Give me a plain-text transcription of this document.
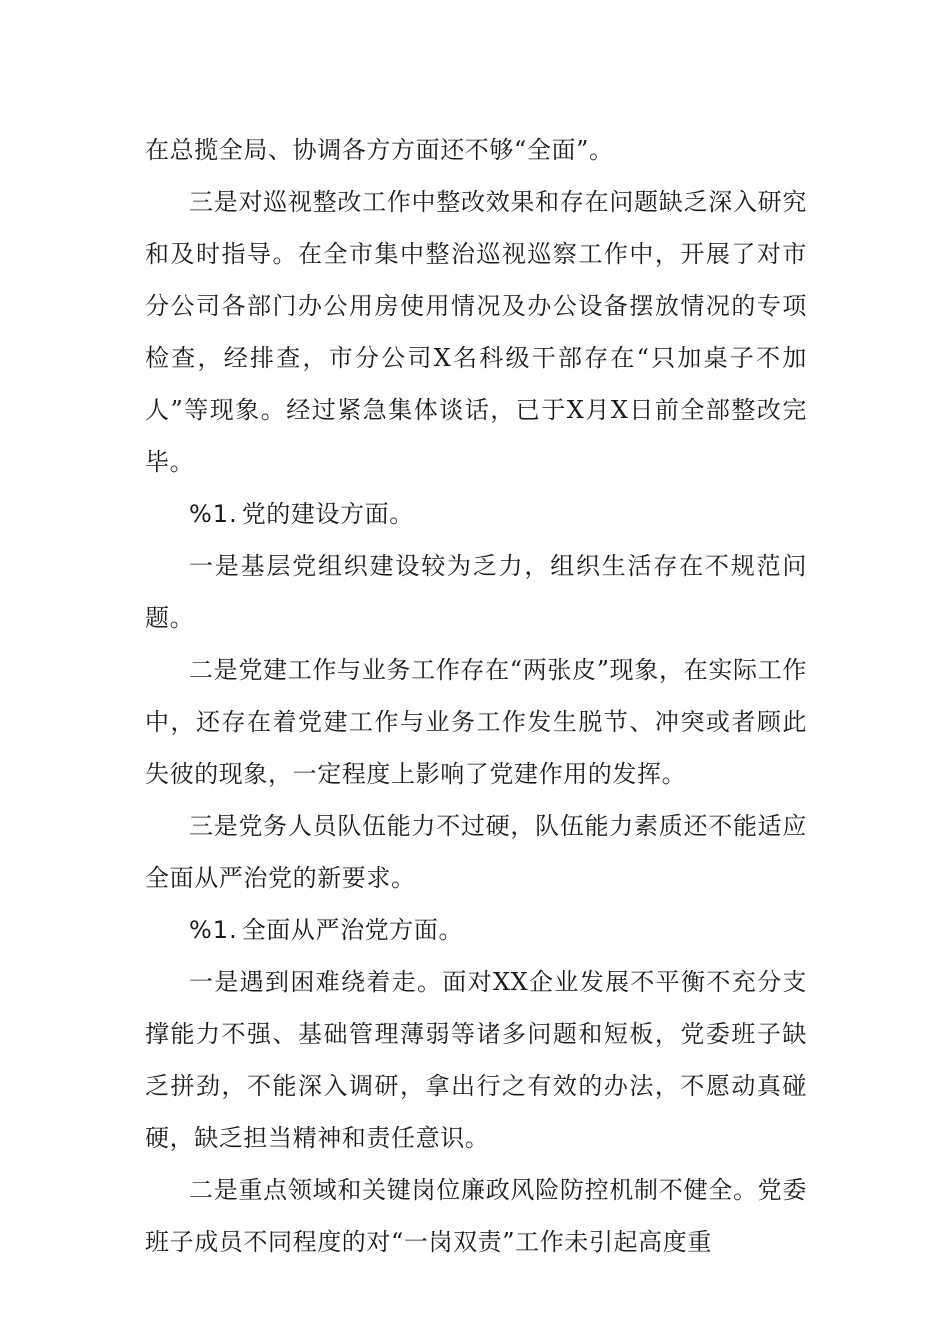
在总揽全局、协调各方方面还不够“全面”。

三是对巡视整改工作中整改效果和存在问题缺乏深入研究和及时指导。在全市集中整治巡视巡察工作中，开展了对市分公司各部门办公用房使用情况及办公设备摆放情况的专项检查，经排查，市分公司X名科级干部存在“只加桌子不加人”等现象。经过紧急集体谈话，已于X月X日前全部整改完毕。

%1. 党的建设方面。

一是基层党组织建设较为乏力，组织生活存在不规范问题。

二是党建工作与业务工作存在“两张皮”现象，在实际工作中，还存在着党建工作与业务工作发生脱节、冲突或者顾此失彼的现象，一定程度上影响了党建作用的发挥。

三是党务人员队伍能力不过硬，队伍能力素质还不能适应全面从严治党的新要求。

%1. 全面从严治党方面。

一是遇到困难绕着走。面对XX企业发展不平衡不充分支撑能力不强、基础管理薄弱等诸多问题和短板，党委班子缺乏拼劲，不能深入调研，拿出行之有效的办法，不愿动真碰硬，缺乏担当精神和责任意识。

二是重点领域和关键岗位廉政风险防控机制不健全。党委班子成员不同程度的对“一岗双责”工作未引起高度重
